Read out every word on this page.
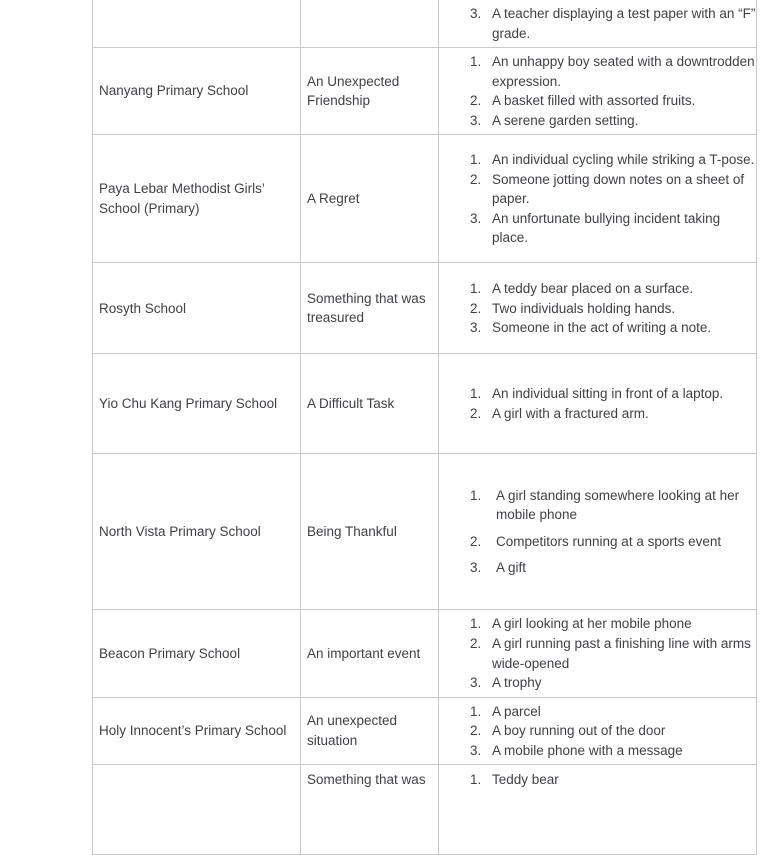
3. A teacher displaying a test paper with an “F” grade.

Nanyang Primary School	An Unexpected Friendship	
1. An unhappy boy seated with a downtrodden expression.
2. A basket filled with assorted fruits.
3. A serene garden setting.

Paya Lebar Methodist Girls’ School (Primary)	A Regret	
1. An individual cycling while striking a T-pose.
2. Someone jotting down notes on a sheet of paper.
3. An unfortunate bullying incident taking place.

Rosyth School	Something that was treasured	
1. A teddy bear placed on a surface.
2. Two individuals holding hands.
3. Someone in the act of writing a note.

Yio Chu Kang Primary School	A Difficult Task	
1. An individual sitting in front of a laptop.
2. A girl with a fractured arm.

North Vista Primary School	Being Thankful	
1. A girl standing somewhere looking at her mobile phone
2. Competitors running at a sports event
3. A gift

Beacon Primary School	An important event	
1. A girl looking at her mobile phone
2. A girl running past a finishing line with arms wide-opened
3. A trophy

Holy Innocent’s Primary School	An unexpected situation	
1. A parcel
2. A boy running out of the door
3. A mobile phone with a message

	Something that was	
1.Teddy bear
